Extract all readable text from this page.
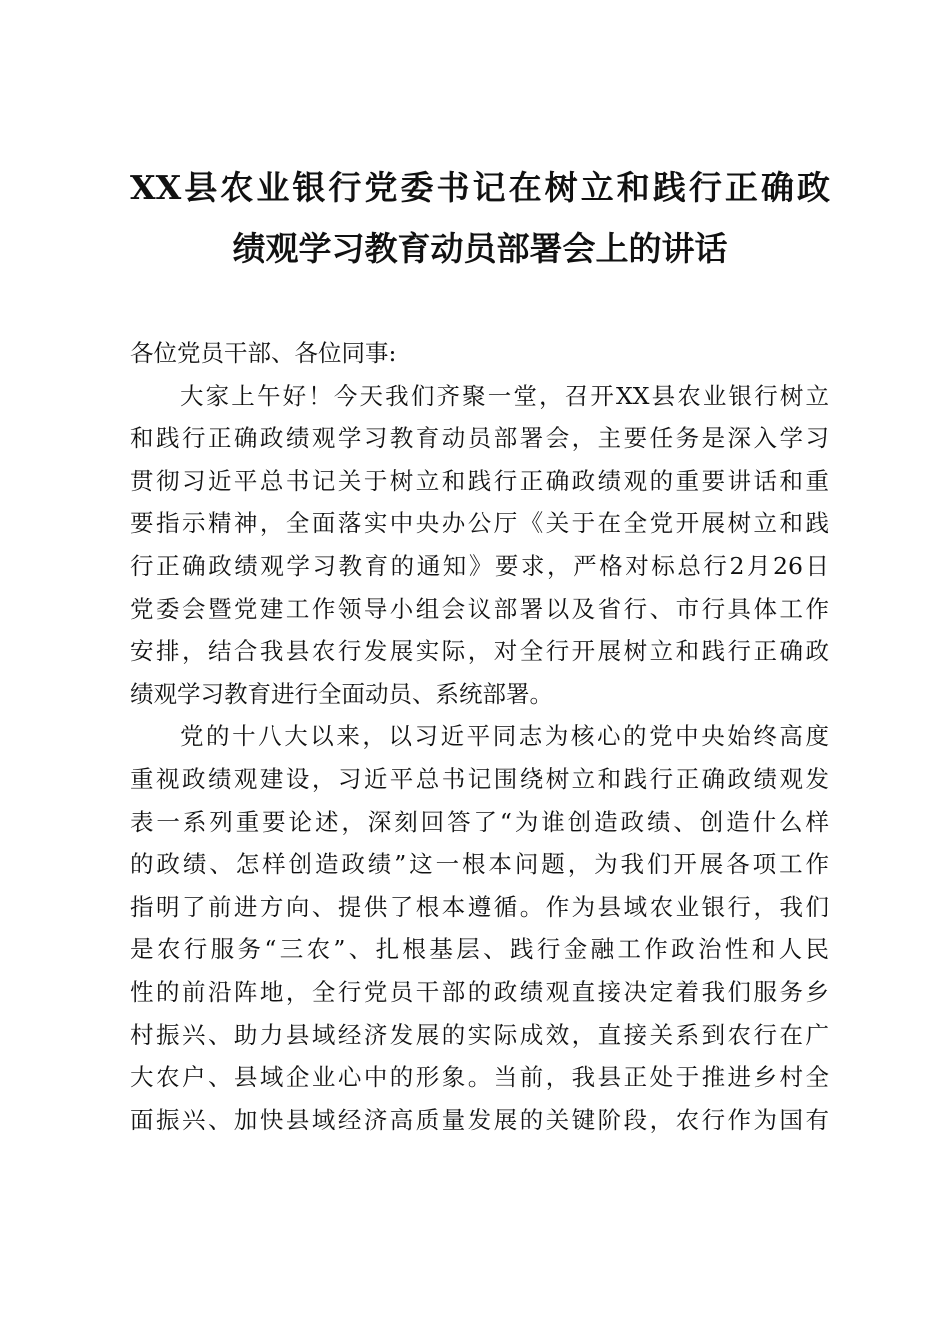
XX县农业银行党委书记在树立和践行正确政
绩观学习教育动员部署会上的讲话
各位党员干部、各位同事:
大家上午好！今天我们齐聚一堂，召开XX县农业银行树立
和践行正确政绩观学习教育动员部署会，主要任务是深入学习
贯彻习近平总书记关于树立和践行正确政绩观的重要讲话和重
要指示精神，全面落实中央办公厅《关于在全党开展树立和践
行正确政绩观学习教育的通知》要求，严格对标总行2月26日
党委会暨党建工作领导小组会议部署以及省行、市行具体工作
安排，结合我县农行发展实际，对全行开展树立和践行正确政
绩观学习教育进行全面动员、系统部署。
党的十八大以来，以习近平同志为核心的党中央始终高度
重视政绩观建设，习近平总书记围绕树立和践行正确政绩观发
表一系列重要论述，深刻回答了“为谁创造政绩、创造什么样
的政绩、怎样创造政绩”这一根本问题，为我们开展各项工作
指明了前进方向、提供了根本遵循。作为县域农业银行，我们
是农行服务“三农”、扎根基层、践行金融工作政治性和人民
性的前沿阵地，全行党员干部的政绩观直接决定着我们服务乡
村振兴、助力县域经济发展的实际成效，直接关系到农行在广
大农户、县域企业心中的形象。当前，我县正处于推进乡村全
面振兴、加快县域经济高质量发展的关键阶段，农行作为国有
